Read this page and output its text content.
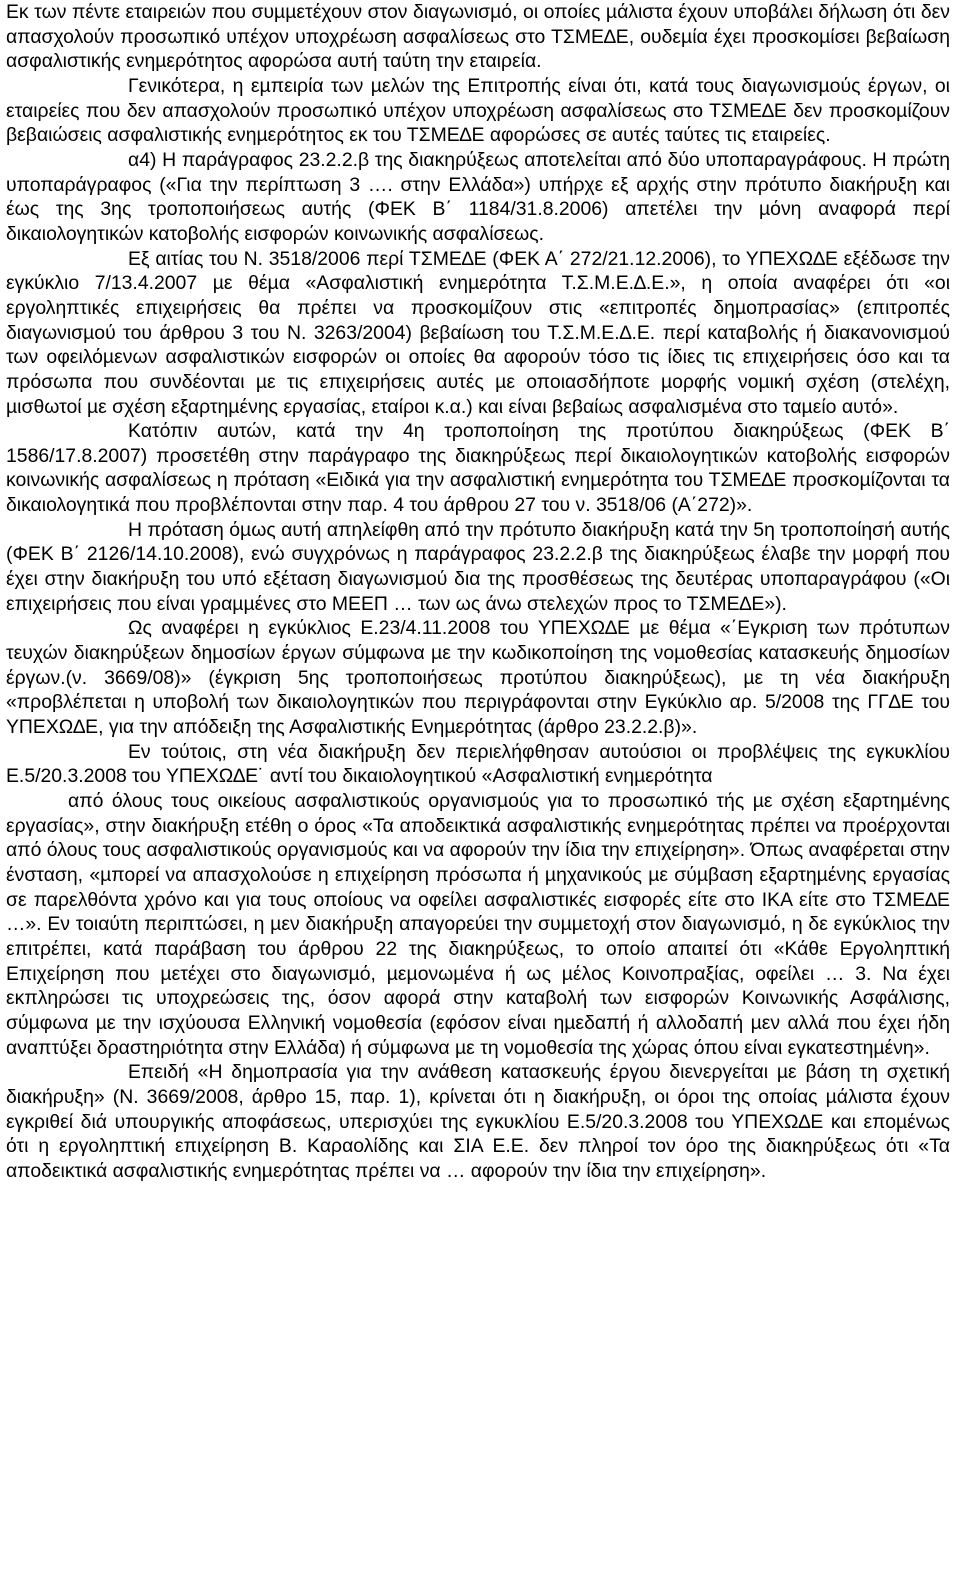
Εκ των πέντε εταιρειών που συµµετέχουν στον διαγωνισµό, οι οποίες µάλιστα έχουν υποβάλει δήλωση ότι δεν απασχολούν προσωπικό υπέχον υποχρέωση ασφαλίσεως στο ΤΣΜΕ∆Ε, ουδεµία έχει προσκοµίσει βεβαίωση ασφαλιστικής ενηµερότητος αφορώσα αυτή ταύτη την εταιρεία.

Γενικότερα, η εµπειρία των µελών της Επιτροπής είναι ότι, κατά τους διαγωνισµούς έργων, οι εταιρείες που δεν απασχολούν προσωπικό υπέχον υποχρέωση ασφαλίσεως στο ΤΣΜΕ∆Ε δεν προσκοµίζουν βεβαιώσεις ασφαλιστικής ενηµερότητος εκ του ΤΣΜΕ∆Ε αφορώσες σε αυτές ταύτες τις εταιρείες.

α4) Η παράγραφος 23.2.2.β της διακηρύξεως αποτελείται από δύο υποπαραγράφους. Η πρώτη υποπαράγραφος («Για την περίπτωση 3 …. στην Ελλάδα») υπήρχε εξ αρχής στην πρότυπο διακήρυξη και έως της 3ης τροποποιήσεως αυτής (ΦΕΚ Β΄ 1184/31.8.2006) απετέλει την µόνη αναφορά περί δικαιολογητικών κατοβολής εισφορών κοινωνικής ασφαλίσεως.

Εξ αιτίας του Ν. 3518/2006 περί ΤΣΜΕ∆Ε (ΦΕΚ Α΄ 272/21.12.2006), το ΥΠΕΧΩ∆Ε εξέδωσε την εγκύκλιο 7/13.4.2007 µε θέµα «Ασφαλιστική ενηµερότητα Τ.Σ.Μ.Ε.∆.Ε.», η οποία αναφέρει ότι «οι εργοληπτικές επιχειρήσεις θα πρέπει να προσκοµίζουν στις «επιτροπές δηµοπρασίας» (επιτροπές διαγωνισµού του άρθρου 3 του Ν. 3263/2004) βεβαίωση του Τ.Σ.Μ.Ε.∆.Ε. περί καταβολής ή διακανονισµού των οφειλόµενων ασφαλιστικών εισφορών οι οποίες θα αφορούν τόσο τις ίδιες τις επιχειρήσεις όσο και τα πρόσωπα που συνδέονται µε τις επιχειρήσεις αυτές µε οποιασδήποτε µορφής νοµική σχέση (στελέχη, µισθωτοί µε σχέση εξαρτηµένης εργασίας, εταίροι κ.α.) και είναι βεβαίως ασφαλισµένα στο ταµείο αυτό».

Κατόπιν αυτών, κατά την 4η τροποποίηση της προτύπου διακηρύξεως (ΦΕΚ Β΄ 1586/17.8.2007) προσετέθη στην παράγραφο της διακηρύξεως περί δικαιολογητικών κατοβολής εισφορών κοινωνικής ασφαλίσεως η πρόταση «Ειδικά για την ασφαλιστική ενηµερότητα του ΤΣΜΕ∆Ε προσκοµίζονται τα δικαιολογητικά που προβλέπονται στην παρ. 4 του άρθρου 27 του ν. 3518/06 (Α΄272)».

Η πρόταση όµως αυτή απηλείφθη από την πρότυπο διακήρυξη κατά την 5η τροποποίησή αυτής (ΦΕΚ Β΄ 2126/14.10.2008), ενώ συγχρόνως η παράγραφος 23.2.2.β της διακηρύξεως έλαβε την µορφή που έχει στην διακήρυξη του υπό εξέταση διαγωνισµού δια της προσθέσεως της δευτέρας υποπαραγράφου («Οι επιχειρήσεις που είναι γραµµένες στο ΜΕΕΠ … των ως άνω στελεχών προς το ΤΣΜΕ∆Ε»).

Ως αναφέρει η εγκύκλιος Ε.23/4.11.2008 του ΥΠΕΧΩ∆Ε µε θέµα «΄Εγκριση των πρότυπων τευχών διακηρύξεων δηµοσίων έργων σύµφωνα µε την κωδικοποίηση της νοµοθεσίας κατασκευής δηµοσίων έργων.(ν. 3669/08)» (έγκριση 5ης τροποποιήσεως προτύπου διακηρύξεως), µε τη νέα διακήρυξη «προβλέπεται η υποβολή των δικαιολογητικών που περιγράφονται στην Εγκύκλιο αρ. 5/2008 της ΓΓ∆Ε του ΥΠΕΧΩ∆Ε, για την απόδειξη της Ασφαλιστικής Ενηµερότητας (άρθρο 23.2.2.β)».

Εν τούτοις, στη νέα διακήρυξη δεν περιελήφθησαν αυτούσιοι οι προβλέψεις της εγκυκλίου Ε.5/20.3.2008 του ΥΠΕΧΩ∆Ε˙ αντί του δικαιολογητικού «Ασφαλιστική ενηµερότητα

από όλους τους οικείους ασφαλιστικούς οργανισµούς για το προσωπικό τής µε σχέση εξαρτηµένης εργασίας», στην διακήρυξη ετέθη ο όρος «Τα αποδεικτικά ασφαλιστικής ενηµερότητας πρέπει να προέρχονται από όλους τους ασφαλιστικούς οργανισµούς και να αφορούν την ίδια την επιχείρηση». Όπως αναφέρεται στην ένσταση, «µπορεί να απασχολούσε η επιχείρηση πρόσωπα ή µηχανικούς µε σύµβαση εξαρτηµένης εργασίας σε παρελθόντα χρόνο και για τους οποίους να οφείλει ασφαλιστικές εισφορές είτε στο ΙΚΑ είτε στο ΤΣΜΕ∆Ε …». Εν τοιαύτη περιπτώσει, η µεν διακήρυξη απαγορεύει την συµµετοχή στον διαγωνισµό, η δε εγκύκλιος την επιτρέπει, κατά παράβαση του άρθρου 22 της διακηρύξεως, το οποίο απαιτεί ότι «Κάθε Εργοληπτική Επιχείρηση που µετέχει στο διαγωνισµό, µεµονωµένα ή ως µέλος Κοινοπραξίας, οφείλει … 3. Να έχει εκπληρώσει τις υποχρεώσεις της, όσον αφορά στην καταβολή των εισφορών Κοινωνικής Ασφάλισης, σύµφωνα µε την ισχύουσα Ελληνική νοµοθεσία (εφόσον είναι ηµεδαπή ή αλλοδαπή µεν αλλά που έχει ήδη αναπτύξει δραστηριότητα στην Ελλάδα) ή σύµφωνα µε τη νοµοθεσία της χώρας όπου είναι εγκατεστηµένη».

Επειδή «Η δηµοπρασία για την ανάθεση κατασκευής έργου διενεργείται µε βάση τη σχετική διακήρυξη» (Ν. 3669/2008, άρθρο 15, παρ. 1), κρίνεται ότι η διακήρυξη, οι όροι της οποίας µάλιστα έχουν εγκριθεί διά υπουργικής αποφάσεως, υπερισχύει της εγκυκλίου Ε.5/20.3.2008 του ΥΠΕΧΩ∆Ε και εποµένως ότι η εργοληπτική επιχείρηση Β. Καραολίδης και ΣΙΑ Ε.Ε. δεν πληροί τον όρο της διακηρύξεως ότι «Τα αποδεικτικά ασφαλιστικής ενηµερότητας πρέπει να … αφορούν την ίδια την επιχείρηση».
